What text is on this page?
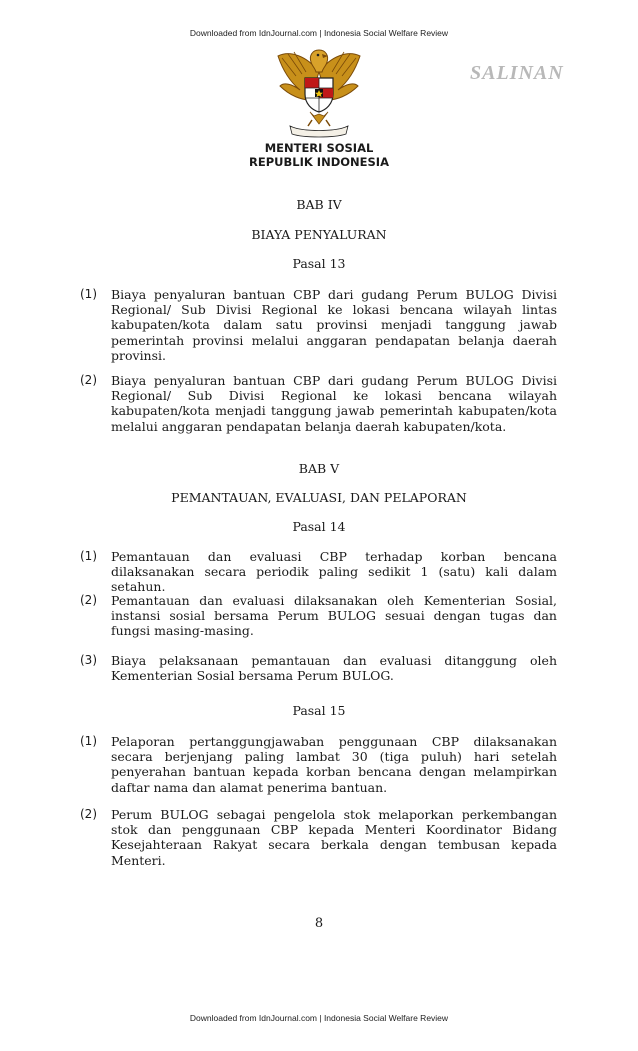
Downloaded from IdnJournal.com | Indonesia Social Welfare Review
SALINAN
MENTERI SOSIAL
REPUBLIK INDONESIA
BAB IV
BIAYA PENYALURAN
Pasal 13
(1)	Biaya penyaluran bantuan CBP dari gudang Perum BULOG Divisi Regional/ Sub Divisi Regional ke lokasi bencana wilayah lintas kabupaten/kota dalam satu provinsi menjadi tanggung jawab pemerintah provinsi melalui anggaran pendapatan belanja daerah provinsi.
(2)	Biaya penyaluran bantuan CBP dari gudang Perum BULOG Divisi Regional/ Sub Divisi Regional ke lokasi bencana wilayah kabupaten/kota menjadi tanggung jawab pemerintah kabupaten/kota melalui anggaran pendapatan belanja daerah kabupaten/kota.
BAB V
PEMANTAUAN, EVALUASI, DAN PELAPORAN
Pasal 14
(1)	Pemantauan dan evaluasi CBP terhadap korban bencana dilaksanakan secara periodik paling sedikit 1 (satu) kali dalam setahun.
(2)	Pemantauan dan evaluasi dilaksanakan oleh Kementerian Sosial, instansi sosial bersama Perum BULOG sesuai dengan tugas dan fungsi masing-masing.
(3)	Biaya pelaksanaan pemantauan dan evaluasi ditanggung oleh Kementerian Sosial bersama Perum BULOG.
Pasal 15
(1)	Pelaporan pertanggungjawaban penggunaan CBP dilaksanakan secara berjenjang paling lambat 30 (tiga puluh) hari setelah penyerahan bantuan kepada korban bencana dengan melampirkan daftar nama dan alamat penerima bantuan.
(2)	Perum BULOG sebagai pengelola stok melaporkan perkembangan stok dan penggunaan CBP kepada Menteri Koordinator Bidang Kesejahteraan Rakyat secara berkala dengan tembusan kepada Menteri.
8
Downloaded from IdnJournal.com | Indonesia Social Welfare Review
